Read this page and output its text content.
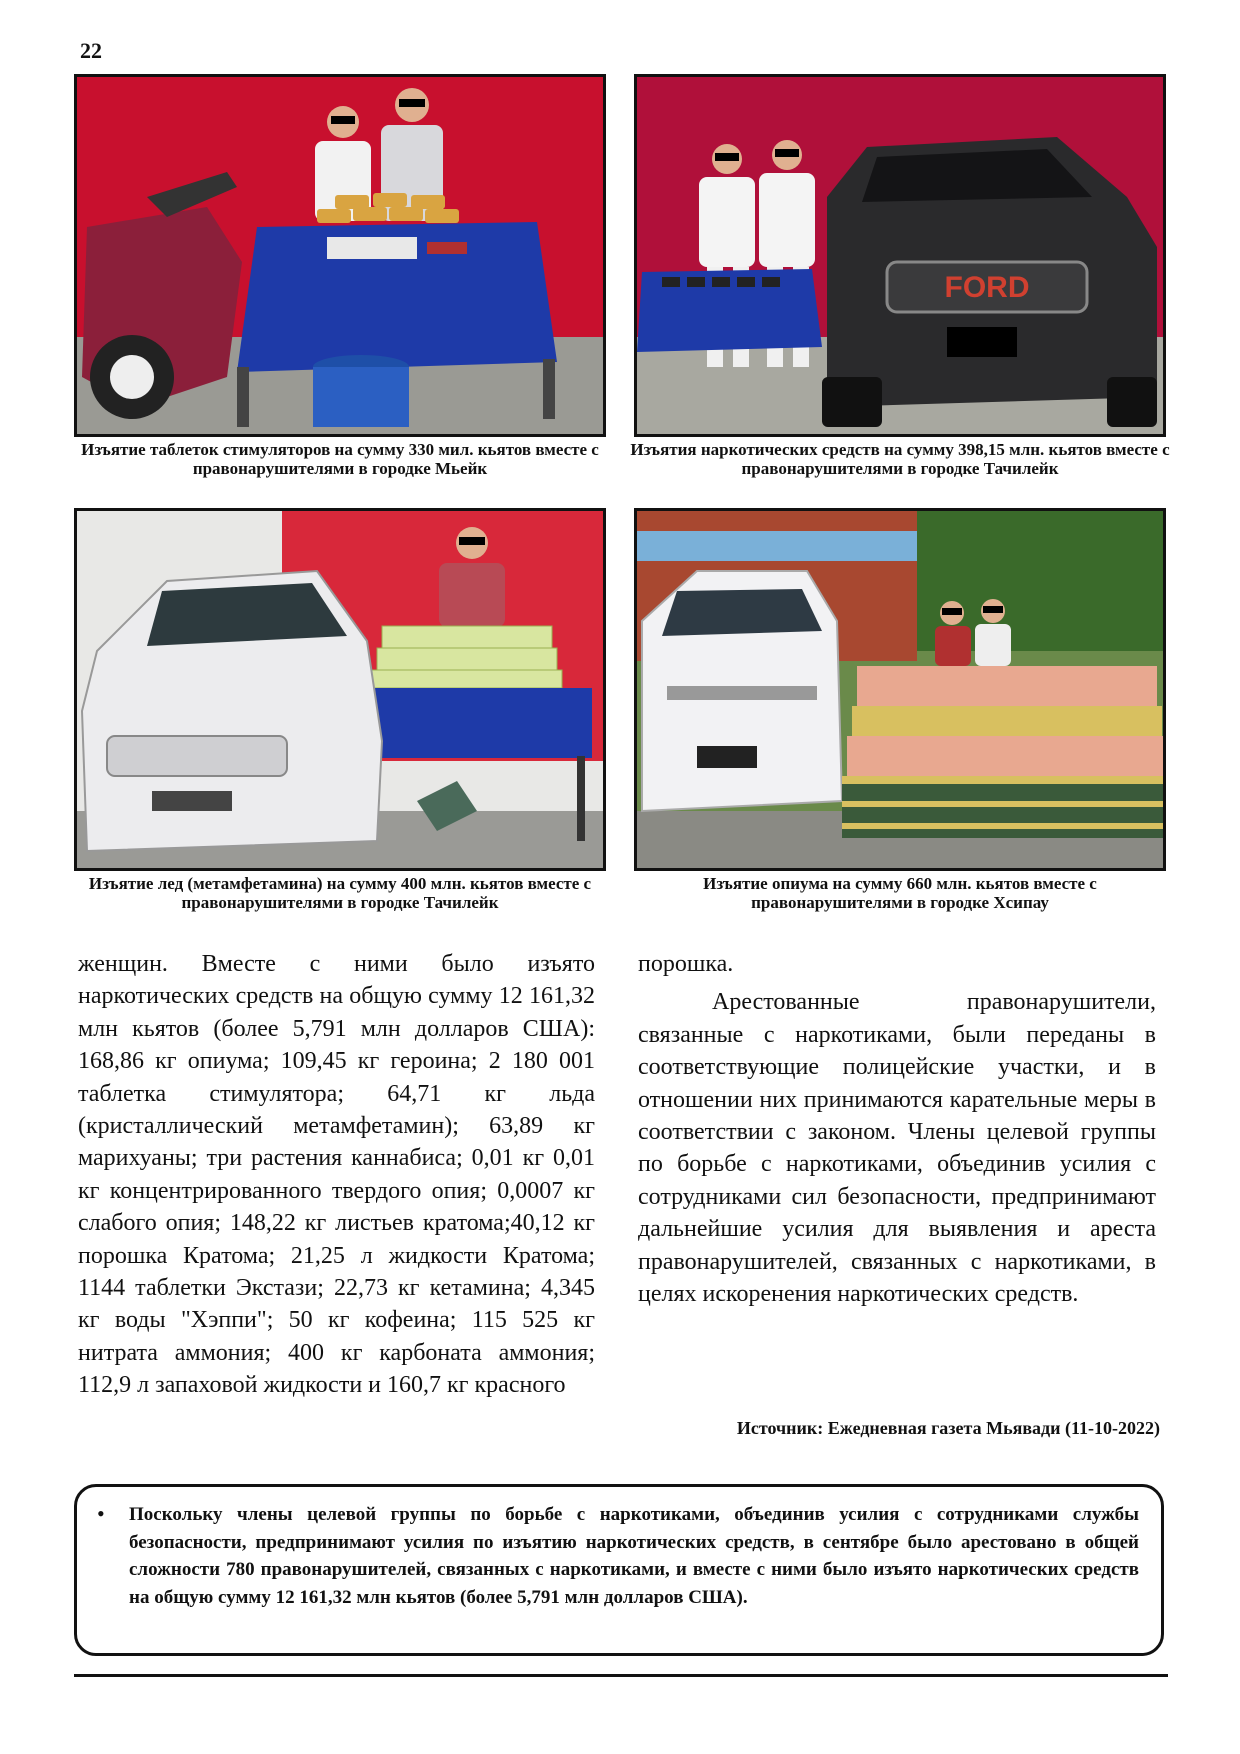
22
Изъятие таблеток стимуляторов на сумму 330 мил. кьятов вместе с правонарушителями в городке Мьейк
FORD
Изъятия наркотических средств на сумму 398,15 млн. кьятов вместе с правонарушителями в городке Тачилейк
Изъятие лед (метамфетамина) на сумму 400 млн. кьятов вместе с правонарушителями в городке Тачилейк
Изъятие опиума на сумму 660 млн. кьятов вместе с правонарушителями в городке Хсипау

женщин. Вместе с ними было изъято наркотических средств на общую сумму 12 161,32 млн кьятов (более 5,791 млн долларов США): 168,86 кг опиума; 109,45 кг героина; 2 180 001 таблетка стимулятора; 64,71 кг льда (кристаллический метамфетамин); 63,89 кг марихуаны; три растения каннабиса; 0,01 кг 0,01 кг концентрированного твердого опия; 0,0007 кг слабого опия; 148,22 кг листьев кратома;40,12 кг порошка Кратома; 21,25 л жидкости Кратома; 1144 таблетки Экстази; 22,73 кг кетамина; 4,345 кг воды "Хэппи"; 50 кг кофеина; 115 525 кг нитрата аммония; 400 кг карбоната аммония; 112,9 л запаховой жидкости и 160,7 кг красного

порошка.

Арестованные правонарушители, связанные с наркотиками, были переданы в соответствующие полицейские участки, и в отношении них принимаются карательные меры в соответствии с законом. Члены целевой группы по борьбе с наркотиками, объединив усилия с сотрудниками сил безопасности, предпринимают дальнейшие усилия для выявления и ареста правонарушителей, связанных с наркотиками, в целях искоренения наркотических средств.

Источник: Ежедневная газета Мьявади (11-10-2022)
• Поскольку члены целевой группы по борьбе с наркотиками, объединив усилия с сотрудниками службы безопасности, предпринимают усилия по изъятию наркотических средств, в сентябре было арестовано в общей сложности 780 правонарушителей, связанных с наркотиками, и вместе с ними было изъято наркотических средств на общую сумму 12 161,32 млн кьятов (более 5,791 млн долларов США).
